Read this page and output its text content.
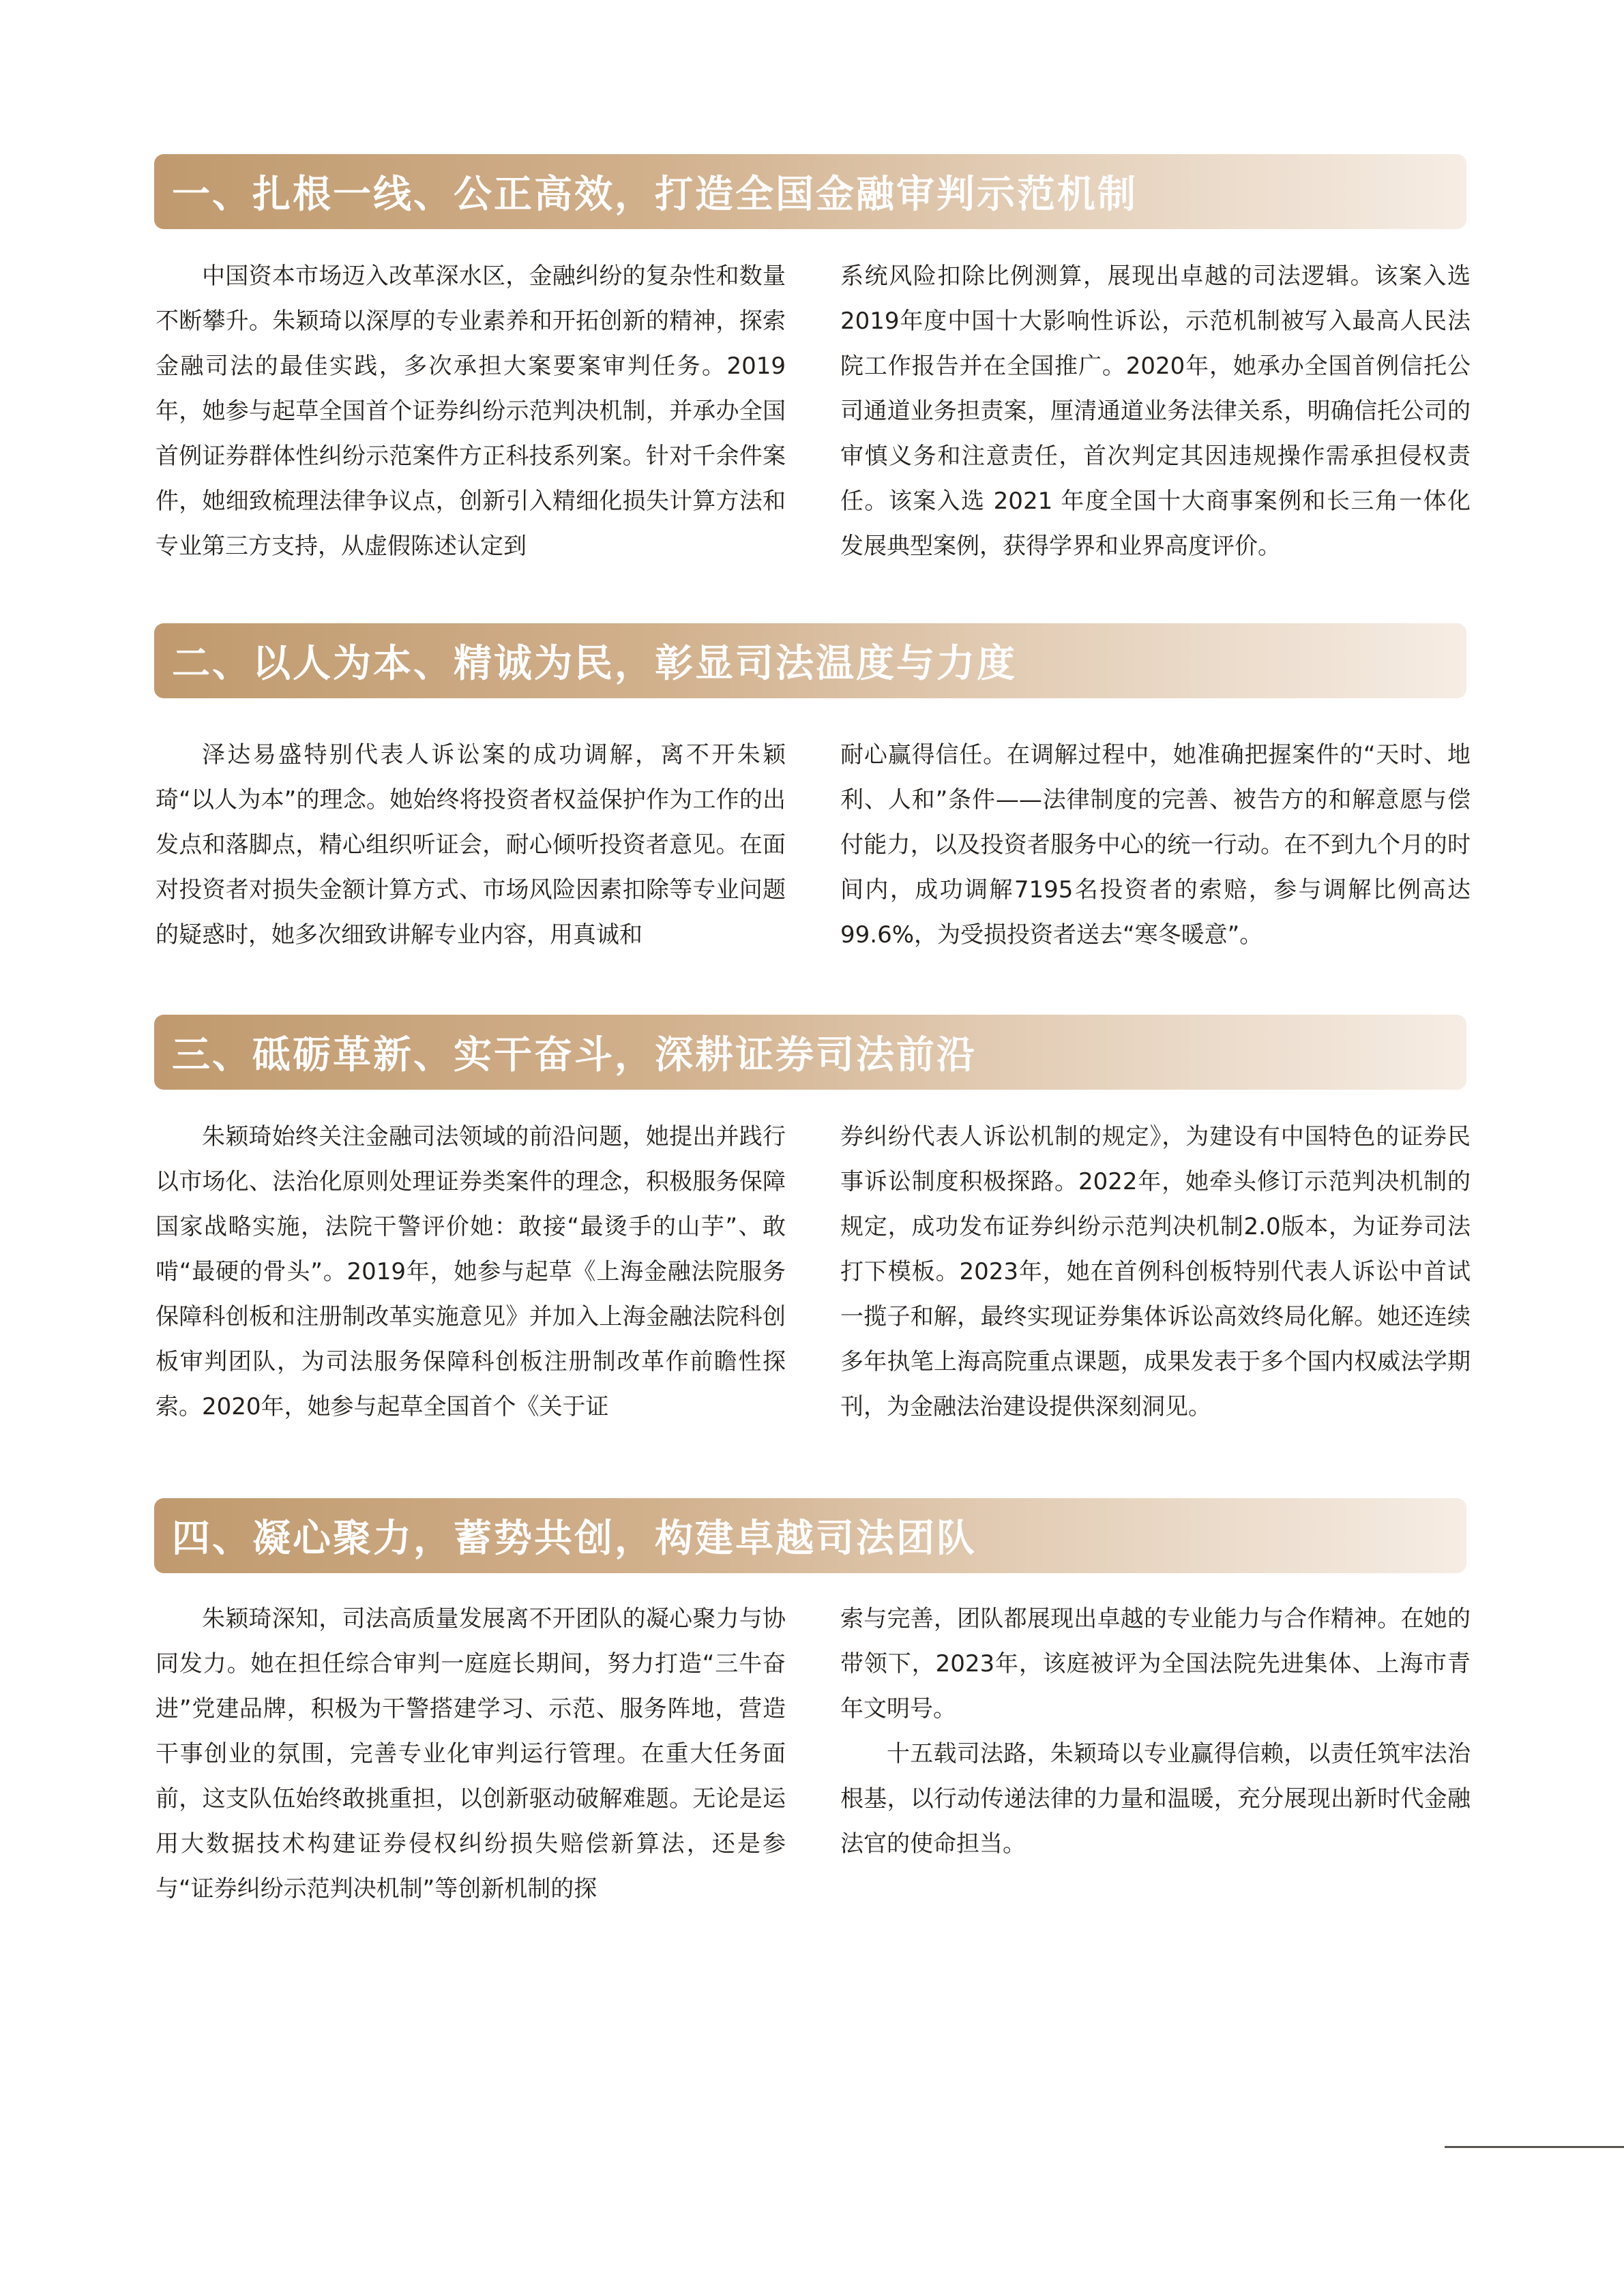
一、扎根一线、公正高效，打造全国金融审判示范机制

中国资本市场迈入改革深水区，金融纠纷的复杂性和数量不断攀升。朱颖琦以深厚的专业素养和开拓创新的精神，探索金融司法的最佳实践，多次承担大案要案审判任务。2019年，她参与起草全国首个证券纠纷示范判决机制，并承办全国首例证券群体性纠纷示范案件方正科技系列案。针对千余件案件，她细致梳理法律争议点，创新引入精细化损失计算方法和专业第三方支持，从虚假陈述认定到

系统风险扣除比例测算，展现出卓越的司法逻辑。该案入选2019年度中国十大影响性诉讼，示范机制被写入最高人民法院工作报告并在全国推广。2020年，她承办全国首例信托公司通道业务担责案，厘清通道业务法律关系，明确信托公司的审慎义务和注意责任，首次判定其因违规操作需承担侵权责任。该案入选 2021 年度全国十大商事案例和长三角一体化发展典型案例，获得学界和业界高度评价。

二、以人为本、精诚为民，彰显司法温度与力度

泽达易盛特别代表人诉讼案的成功调解，离不开朱颖琦“以人为本”的理念。她始终将投资者权益保护作为工作的出发点和落脚点，精心组织听证会，耐心倾听投资者意见。在面对投资者对损失金额计算方式、市场风险因素扣除等专业问题的疑惑时，她多次细致讲解专业内容，用真诚和

耐心赢得信任。在调解过程中，她准确把握案件的“天时、地利、人和”条件——法律制度的完善、被告方的和解意愿与偿付能力，以及投资者服务中心的统一行动。在不到九个月的时间内，成功调解7195名投资者的索赔，参与调解比例高达99.6%，为受损投资者送去“寒冬暖意”。

三、砥砺革新、实干奋斗，深耕证券司法前沿

朱颖琦始终关注金融司法领域的前沿问题，她提出并践行以市场化、法治化原则处理证券类案件的理念，积极服务保障国家战略实施，法院干警评价她：敢接“最烫手的山芋”、敢啃“最硬的骨头”。2019年，她参与起草《上海金融法院服务保障科创板和注册制改革实施意见》并加入上海金融法院科创板审判团队，为司法服务保障科创板注册制改革作前瞻性探索。2020年，她参与起草全国首个《关于证

券纠纷代表人诉讼机制的规定》，为建设有中国特色的证券民事诉讼制度积极探路。2022年，她牵头修订示范判决机制的规定，成功发布证券纠纷示范判决机制2.0版本，为证券司法打下模板。2023年，她在首例科创板特别代表人诉讼中首试一揽子和解，最终实现证券集体诉讼高效终局化解。她还连续多年执笔上海高院重点课题，成果发表于多个国内权威法学期刊，为金融法治建设提供深刻洞见。

四、凝心聚力，蓄势共创，构建卓越司法团队

朱颖琦深知，司法高质量发展离不开团队的凝心聚力与协同发力。她在担任综合审判一庭庭长期间，努力打造“三牛奋进”党建品牌，积极为干警搭建学习、示范、服务阵地，营造干事创业的氛围，完善专业化审判运行管理。在重大任务面前，这支队伍始终敢挑重担，以创新驱动破解难题。无论是运用大数据技术构建证券侵权纠纷损失赔偿新算法，还是参与“证券纠纷示范判决机制”等创新机制的探

索与完善，团队都展现出卓越的专业能力与合作精神。在她的带领下，2023年，该庭被评为全国法院先进集体、上海市青年文明号。

十五载司法路，朱颖琦以专业赢得信赖，以责任筑牢法治根基，以行动传递法律的力量和温暖，充分展现出新时代金融法官的使命担当。
